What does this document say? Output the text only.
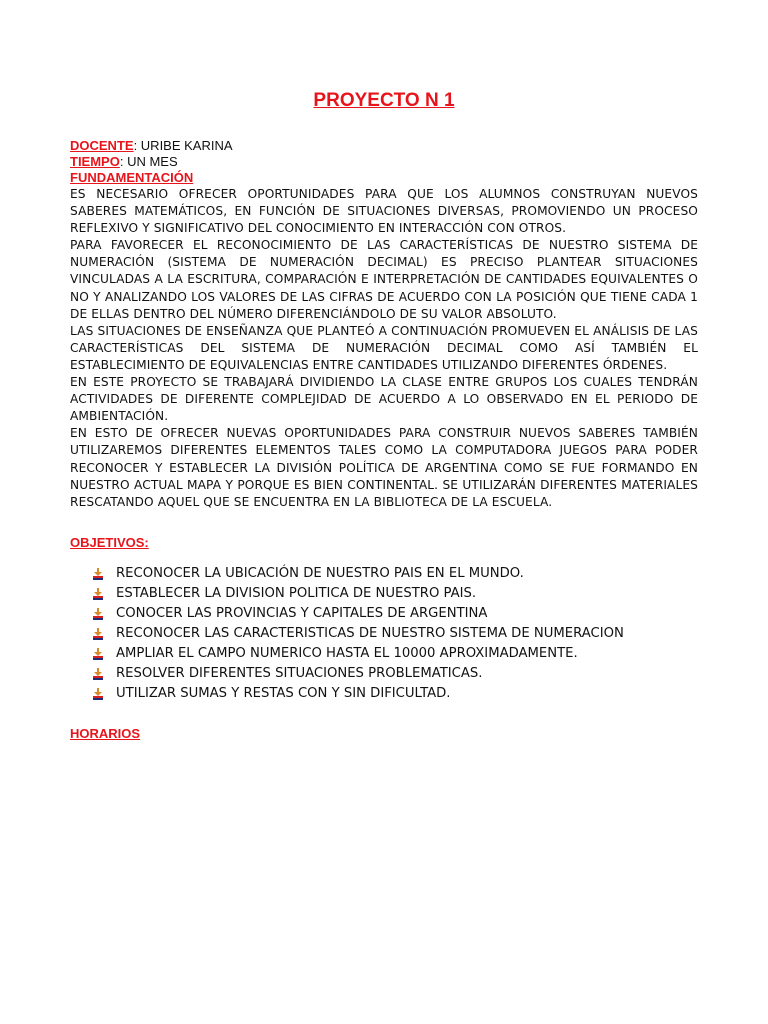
PROYECTO N 1

DOCENTE: URIBE KARINA

TIEMPO: UN MES

FUNDAMENTACIÓN

ES NECESARIO OFRECER OPORTUNIDADES PARA QUE LOS ALUMNOS CONSTRUYAN NUEVOS SABERES MATEMÁTICOS, EN FUNCIÓN DE SITUACIONES DIVERSAS, PROMOVIENDO UN PROCESO REFLEXIVO Y SIGNIFICATIVO DEL CONOCIMIENTO EN INTERACCIÓN CON OTROS.

PARA FAVORECER EL RECONOCIMIENTO DE LAS CARACTERÍSTICAS DE NUESTRO SISTEMA DE NUMERACIÓN (SISTEMA DE NUMERACIÓN DECIMAL) ES PRECISO PLANTEAR SITUACIONES VINCULADAS A LA ESCRITURA, COMPARACIÓN E INTERPRETACIÓN DE CANTIDADES EQUIVALENTES O NO Y ANALIZANDO LOS VALORES DE LAS CIFRAS DE ACUERDO CON LA POSICIÓN QUE TIENE CADA 1 DE ELLAS DENTRO DEL NÚMERO DIFERENCIÁNDOLO DE SU VALOR ABSOLUTO.

LAS SITUACIONES DE ENSEÑANZA QUE PLANTEÓ A CONTINUACIÓN PROMUEVEN EL ANÁLISIS DE LAS CARACTERÍSTICAS DEL SISTEMA DE NUMERACIÓN DECIMAL COMO ASÍ TAMBIÉN EL ESTABLECIMIENTO DE EQUIVALENCIAS ENTRE CANTIDADES UTILIZANDO DIFERENTES ÓRDENES.

EN ESTE PROYECTO SE TRABAJARÁ DIVIDIENDO LA CLASE ENTRE GRUPOS LOS CUALES TENDRÁN ACTIVIDADES DE DIFERENTE COMPLEJIDAD DE ACUERDO A LO OBSERVADO EN EL PERIODO DE AMBIENTACIÓN.

EN ESTO DE OFRECER NUEVAS OPORTUNIDADES PARA CONSTRUIR NUEVOS SABERES TAMBIÉN UTILIZAREMOS DIFERENTES ELEMENTOS TALES COMO LA COMPUTADORA JUEGOS PARA PODER RECONOCER Y ESTABLECER LA DIVISIÓN POLÍTICA DE ARGENTINA COMO SE FUE FORMANDO EN NUESTRO ACTUAL MAPA Y PORQUE ES BIEN CONTINENTAL. SE UTILIZARÁN DIFERENTES MATERIALES RESCATANDO AQUEL QUE SE ENCUENTRA EN LA BIBLIOTECA DE LA ESCUELA.

OBJETIVOS:

RECONOCER LA UBICACIÓN DE NUESTRO PAIS EN EL MUNDO.
ESTABLECER LA DIVISION POLITICA DE NUESTRO PAIS.
CONOCER LAS PROVINCIAS Y CAPITALES DE ARGENTINA
RECONOCER LAS CARACTERISTICAS DE NUESTRO SISTEMA DE NUMERACION
AMPLIAR EL CAMPO NUMERICO HASTA EL 10000 APROXIMADAMENTE.
RESOLVER DIFERENTES SITUACIONES PROBLEMATICAS.
UTILIZAR SUMAS Y RESTAS CON Y SIN DIFICULTAD.

HORARIOS
